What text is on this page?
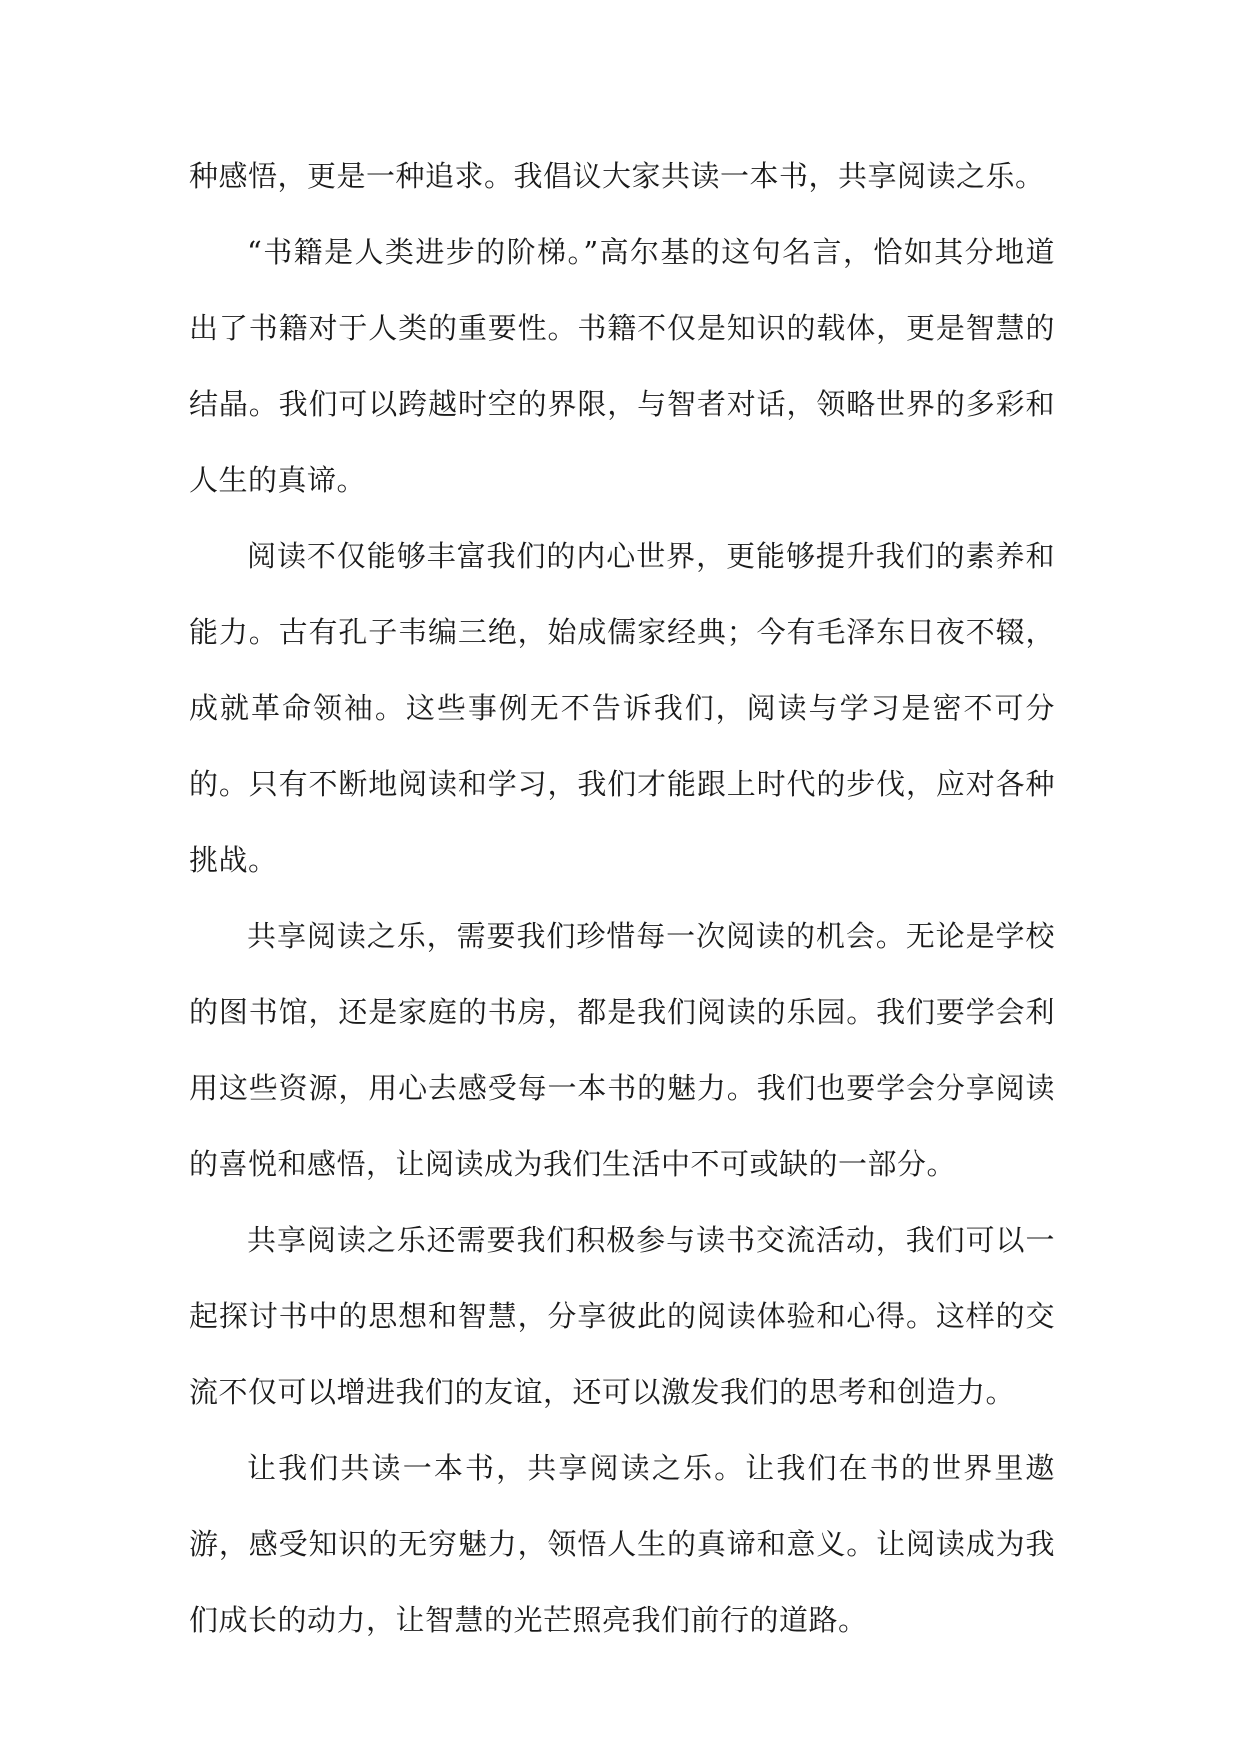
种感悟，更是一种追求。我倡议大家共读一本书，共享阅读之乐。

“书籍是人类进步的阶梯。”高尔基的这句名言，恰如其分地道出了书籍对于人类的重要性。书籍不仅是知识的载体，更是智慧的结晶。我们可以跨越时空的界限，与智者对话，领略世界的多彩和人生的真谛。

阅读不仅能够丰富我们的内心世界，更能够提升我们的素养和能力。古有孔子韦编三绝，始成儒家经典；今有毛泽东日夜不辍，成就革命领袖。这些事例无不告诉我们，阅读与学习是密不可分的。只有不断地阅读和学习，我们才能跟上时代的步伐，应对各种挑战。

共享阅读之乐，需要我们珍惜每一次阅读的机会。无论是学校的图书馆，还是家庭的书房，都是我们阅读的乐园。我们要学会利用这些资源，用心去感受每一本书的魅力。我们也要学会分享阅读的喜悦和感悟，让阅读成为我们生活中不可或缺的一部分。

共享阅读之乐还需要我们积极参与读书交流活动，我们可以一起探讨书中的思想和智慧，分享彼此的阅读体验和心得。这样的交流不仅可以增进我们的友谊，还可以激发我们的思考和创造力。

让我们共读一本书，共享阅读之乐。让我们在书的世界里遨游，感受知识的无穷魅力，领悟人生的真谛和意义。让阅读成为我们成长的动力，让智慧的光芒照亮我们前行的道路。
